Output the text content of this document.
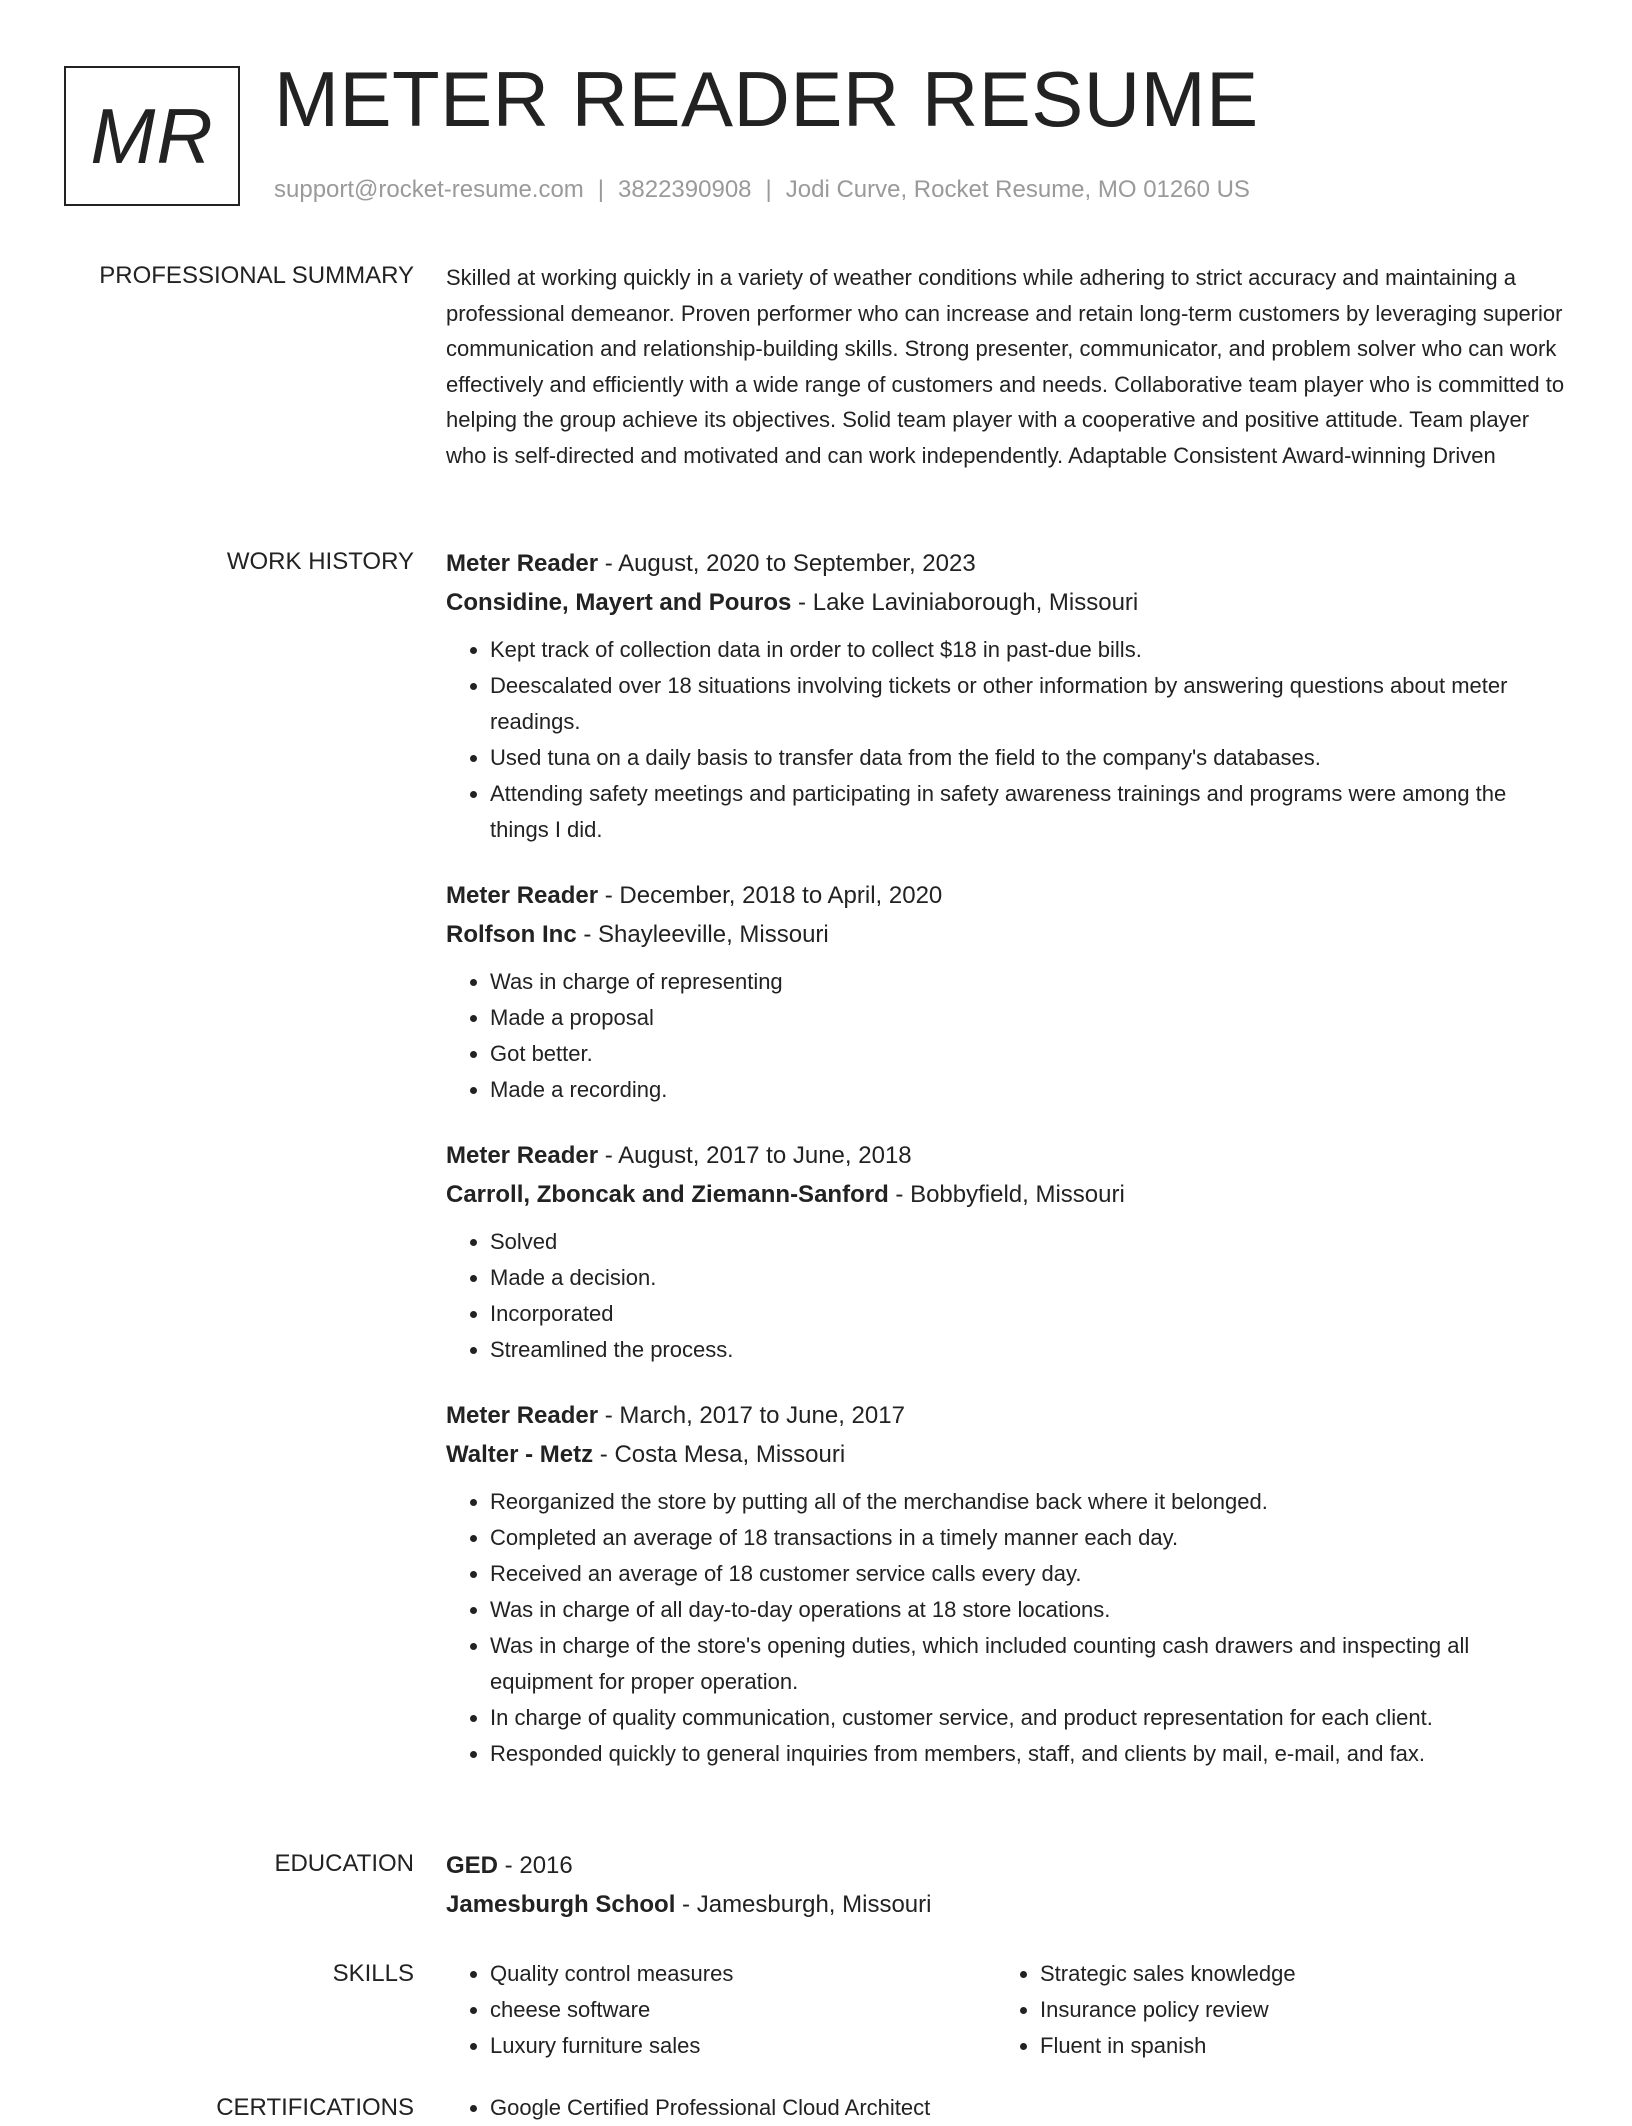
MR METER READER RESUME
support@rocket-resume.com | 3822390908 | Jodi Curve, Rocket Resume, MO 01260 US
PROFESSIONAL SUMMARY Skilled at working quickly in a variety of weather conditions while adhering to strict accuracy and maintaining a professional demeanor. Proven performer who can increase and retain long-term customers by leveraging superior communication and relationship-building skills. Strong presenter, communicator, and problem solver who can work effectively and efficiently with a wide range of customers and needs. Collaborative team player who is committed to helping the group achieve its objectives. Solid team player with a cooperative and positive attitude. Team player who is self-directed and motivated and can work independently. Adaptable Consistent Award-winning Driven

WORK HISTORY Meter Reader - August, 2020 to September, 2023
Considine, Mayert and Pouros - Lake Laviniaborough, Missouri
• Kept track of collection data in order to collect $18 in past-due bills.
• Deescalated over 18 situations involving tickets or other information by answering questions about meter readings.
• Used tuna on a daily basis to transfer data from the field to the company's databases.
• Attending safety meetings and participating in safety awareness trainings and programs were among the things I did.
Meter Reader - December, 2018 to April, 2020
Rolfson Inc - Shayleeville, Missouri
• Was in charge of representing
• Made a proposal
• Got better.
• Made a recording.
Meter Reader - August, 2017 to June, 2018
Carroll, Zboncak and Ziemann-Sanford - Bobbyfield, Missouri
• Solved
• Made a decision.
• Incorporated
• Streamlined the process.
Meter Reader - March, 2017 to June, 2017
Walter - Metz - Costa Mesa, Missouri
• Reorganized the store by putting all of the merchandise back where it belonged.
• Completed an average of 18 transactions in a timely manner each day.
• Received an average of 18 customer service calls every day.
• Was in charge of all day-to-day operations at 18 store locations.
• Was in charge of the store's opening duties, which included counting cash drawers and inspecting all equipment for proper operation.
• In charge of quality communication, customer service, and product representation for each client.
• Responded quickly to general inquiries from members, staff, and clients by mail, e-mail, and fax.
EDUCATION GED - 2016
Jamesburgh School - Jamesburgh, Missouri
SKILLS	• Quality control measures
• cheese software
• Luxury furniture sales
• Strategic sales knowledge
• Insurance policy review
• Fluent in spanish
CERTIFICATIONS	• Google Certified Professional Cloud Architect
